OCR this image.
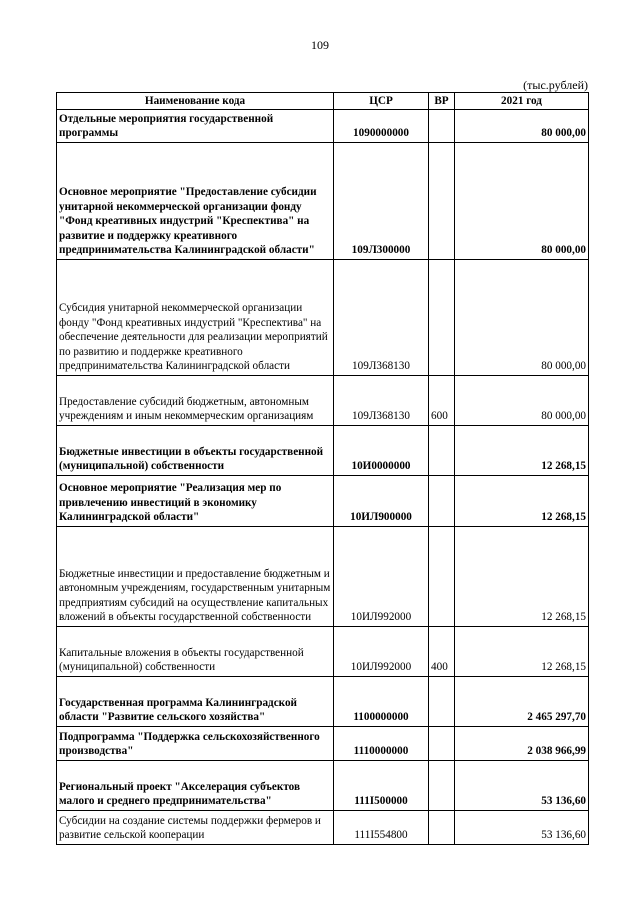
109
(тыс.рублей)
Наименование кода	ЦСР	ВР	2021 год
Отдельные мероприятия государственной программы	1090000000		80 000,00
Основное мероприятие "Предоставление субсидии унитарной некоммерческой организации фонду "Фонд креативных индустрий "Креспектива" на развитие и поддержку креативного предпринимательства Калининградской области"	109Л300000		80 000,00
Субсидия унитарной некоммерческой организации фонду "Фонд креативных индустрий "Креспектива" на обеспечение деятельности для реализации мероприятий по развитию и поддержке креативного предпринимательства Калининградской области	109Л368130		80 000,00
Предоставление субсидий бюджетным, автономным учреждениям и иным некоммерческим организациям	109Л368130	600	80 000,00
Бюджетные инвестиции в объекты государственной (муниципальной) собственности	10И0000000		12 268,15
Основное мероприятие "Реализация мер по привлечению инвестиций в экономику Калининградской области"	10ИЛ900000		12 268,15
Бюджетные инвестиции и предоставление бюджетным и автономным учреждениям, государственным унитарным предприятиям субсидий на осуществление капитальных вложений в объекты государственной собственности	10ИЛ992000		12 268,15
Капитальные вложения в объекты государственной (муниципальной) собственности	10ИЛ992000	400	12 268,15
Государственная программа Калининградской области "Развитие сельского хозяйства"	1100000000		2 465 297,70
Подпрограмма "Поддержка сельскохозяйственного производства"	1110000000		2 038 966,99
Региональный проект "Акселерация субъектов малого и среднего предпринимательства"	111I500000		53 136,60
Субсидии на создание системы поддержки фермеров и развитие сельской кооперации	111I554800		53 136,60
